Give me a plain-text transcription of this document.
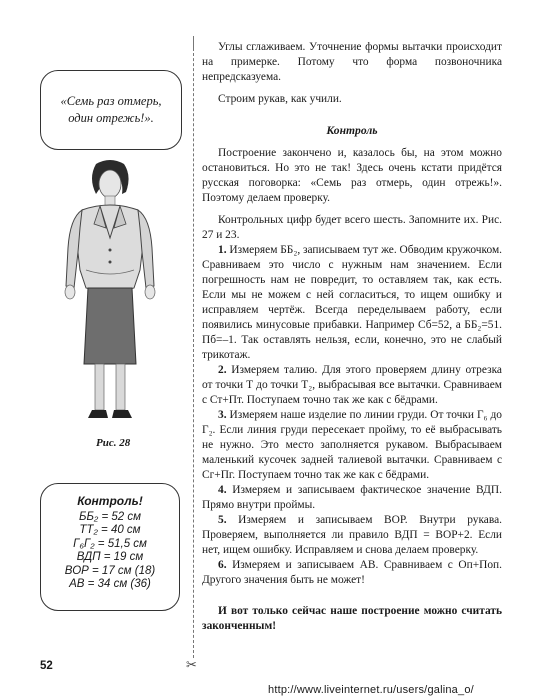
«Семь раз отмерь,
один отрежь!».
Рис. 28
Контроль!
ББ₂ = 52 см
ТТ₂ = 40 см
Г₆Г₂ = 51,5 см
ВДП = 19 см
ВОР = 17 см (18)
АВ = 34 см (36)

Углы сглаживаем. Уточнение формы вытачки происходит на примерке. Потому что форма позвоночника непредсказуема.

Строим рукав, как учили.

Контроль

Построение закончено и, казалось бы, на этом можно остановиться. Но это не так! Здесь очень кстати придётся русская поговорка: «Семь раз отмерь, один отрежь!». Поэтому делаем проверку.

Контрольных цифр будет всего шесть. Запомните их. Рис. 27 и 23.

1. Измеряем ББ₂, записываем тут же. Обводим кружочком. Сравниваем это число с нужным нам значением. Если погрешность нам не повредит, то оставляем так, как есть. Если мы не можем с ней согласиться, то ищем ошибку и исправляем чертёж. Всегда переделываем работу, если появились минусовые прибавки. Например Сб=52, а ББ₂=51. Пб=–1. Так оставлять нельзя, если, конечно, это не слабый трикотаж.

2. Измеряем талию. Для этого проверяем длину отрезка от точки Т до точки Т₂, выбрасывая все вытачки. Сравниваем с Ст+Пт. Поступаем точно так же как с бёдрами.

3. Измеряем наше изделие по линии груди. От точки Г₆ до Г₂. Если линия груди пересекает пройму, то её выбрасывать не нужно. Это место заполняется рукавом. Выбрасываем маленький кусочек задней талиевой вытачки. Сравниваем с Сг+Пг. Поступаем точно так же как с бёдрами.

4. Измеряем и записываем фактическое значение ВДП. Прямо внутри проймы.

5. Измеряем и записываем ВОР. Внутри рукава. Проверяем, выполняется ли правило ВДП = ВОР+2. Если нет, ищем ошибку. Исправляем и снова делаем проверку.

6. Измеряем и записываем АВ. Сравниваем с Оп+Поп. Другого значения быть не может!

И вот только сейчас наше построение можно считать законченным!

52	✂
http://www.liveinternet.ru/users/galina_o/
